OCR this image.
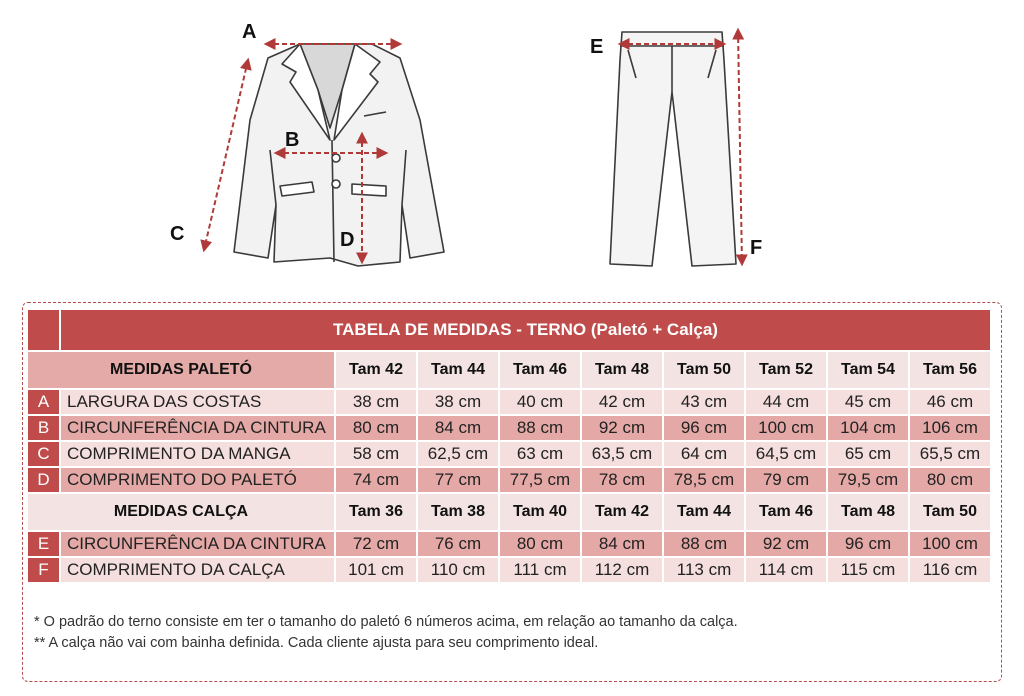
A
B
C	D
E
F
	TABELA DE MEDIDAS - TERNO (Paletó + Calça)								
MEDIDAS PALETÓ		Tam 42	Tam 44	Tam 46	Tam 48	Tam 50	Tam 52	Tam 54	Tam 56
A	LARGURA DAS COSTAS	38 cm	38 cm	40 cm	42 cm	43 cm	44 cm	45 cm	46 cm
B	CIRCUNFERÊNCIA DA CINTURA	80 cm	84 cm	88 cm	92 cm	96 cm	100 cm	104 cm	106 cm
C	COMPRIMENTO DA MANGA	58 cm	62,5 cm	63 cm	63,5 cm	64 cm	64,5 cm	65 cm	65,5 cm
D	COMPRIMENTO DO PALETÓ	74 cm	77 cm	77,5 cm	78 cm	78,5 cm	79 cm	79,5 cm	80 cm
MEDIDAS CALÇA		Tam 36	Tam 38	Tam 40	Tam 42	Tam 44	Tam 46	Tam 48	Tam 50
E	CIRCUNFERÊNCIA DA CINTURA	72 cm	76 cm	80 cm	84 cm	88 cm	92 cm	96 cm	100 cm
F	COMPRIMENTO DA CALÇA	101 cm	110 cm	111 cm	112 cm	113 cm	114 cm	115 cm	116 cm
* O padrão do terno consiste em ter o tamanho do paletó 6 números acima, em relação ao tamanho da calça.
** A calça não vai com bainha definida. Cada cliente ajusta para seu comprimento ideal.
